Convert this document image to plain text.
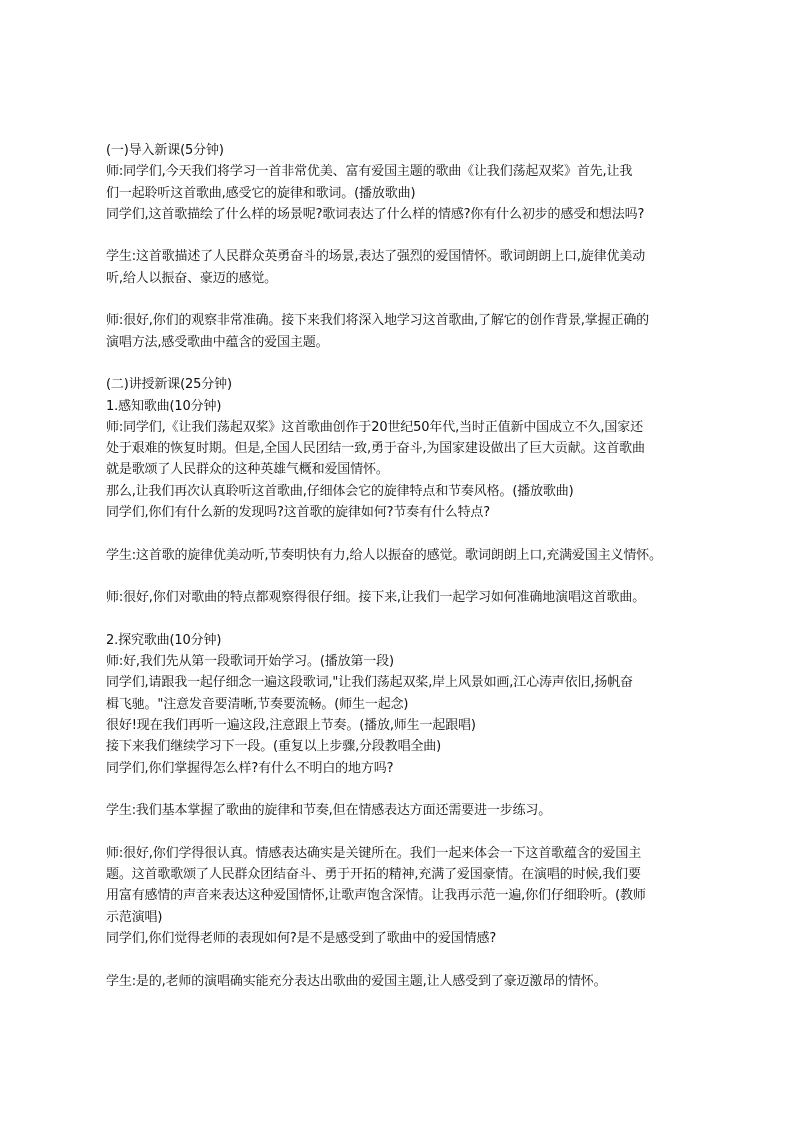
(一)导入新课(5分钟)
师:同学们,今天我们将学习一首非常优美、富有爱国主题的歌曲《让我们荡起双桨》首先,让我
们一起聆听这首歌曲,感受它的旋律和歌词。(播放歌曲)
同学们,这首歌描绘了什么样的场景呢?歌词表达了什么样的情感?你有什么初步的感受和想法吗?
学生:这首歌描述了人民群众英勇奋斗的场景,表达了强烈的爱国情怀。歌词朗朗上口,旋律优美动
听,给人以振奋、豪迈的感觉。
师:很好,你们的观察非常准确。接下来我们将深入地学习这首歌曲,了解它的创作背景,掌握正确的
演唱方法,感受歌曲中蕴含的爱国主题。
(二)讲授新课(25分钟)
1.感知歌曲(10分钟)
师:同学们,《让我们荡起双桨》这首歌曲创作于20世纪50年代,当时正值新中国成立不久,国家还
处于艰难的恢复时期。但是,全国人民团结一致,勇于奋斗,为国家建设做出了巨大贡献。这首歌曲
就是歌颂了人民群众的这种英雄气概和爱国情怀。
那么,让我们再次认真聆听这首歌曲,仔细体会它的旋律特点和节奏风格。(播放歌曲)
同学们,你们有什么新的发现吗?这首歌的旋律如何?节奏有什么特点?
学生:这首歌的旋律优美动听,节奏明快有力,给人以振奋的感觉。歌词朗朗上口,充满爱国主义情怀。
师:很好,你们对歌曲的特点都观察得很仔细。接下来,让我们一起学习如何准确地演唱这首歌曲。
2.探究歌曲(10分钟)
师:好,我们先从第一段歌词开始学习。(播放第一段)
同学们,请跟我一起仔细念一遍这段歌词,"让我们荡起双桨,岸上风景如画,江心涛声依旧,扬帆奋
楫飞驰。"注意发音要清晰,节奏要流畅。(师生一起念)
很好!现在我们再听一遍这段,注意跟上节奏。(播放,师生一起跟唱)
接下来我们继续学习下一段。(重复以上步骤,分段教唱全曲)
同学们,你们掌握得怎么样?有什么不明白的地方吗?
学生:我们基本掌握了歌曲的旋律和节奏,但在情感表达方面还需要进一步练习。
师:很好,你们学得很认真。情感表达确实是关键所在。我们一起来体会一下这首歌蕴含的爱国主
题。这首歌歌颂了人民群众团结奋斗、勇于开拓的精神,充满了爱国豪情。在演唱的时候,我们要
用富有感情的声音来表达这种爱国情怀,让歌声饱含深情。让我再示范一遍,你们仔细聆听。(教师
示范演唱)
同学们,你们觉得老师的表现如何?是不是感受到了歌曲中的爱国情感?
学生:是的,老师的演唱确实能充分表达出歌曲的爱国主题,让人感受到了豪迈激昂的情怀。
